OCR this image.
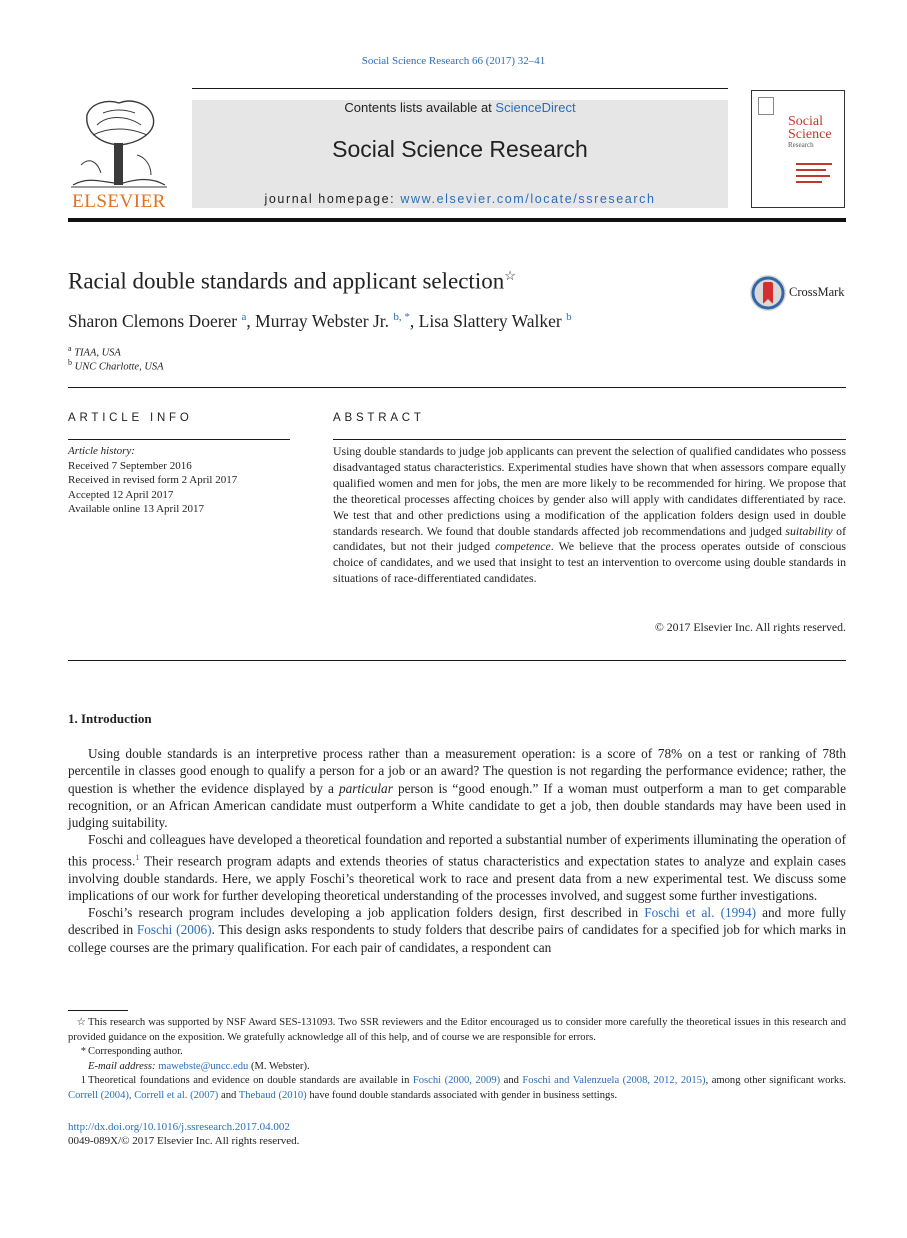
Social Science Research 66 (2017) 32–41
ELSEVIER
Contents lists available at ScienceDirect
Social Science Research
journal homepage: www.elsevier.com/locate/ssresearch
Social
Science
Research
Racial double standards and applicant selection☆
CrossMark
Sharon Clemons Doerer $^a$, Murray Webster Jr. $^{b, *}$, Lisa Slattery Walker $^b$
$^a$ TIAA, USA
$^b$ UNC Charlotte, USA
ARTICLE INFO
Article history:
Received 7 September 2016
Received in revised form 2 April 2017
Accepted 12 April 2017
Available online 13 April 2017
ABSTRACT
Using double standards to judge job applicants can prevent the selection of qualified candidates who possess disadvantaged status characteristics. Experimental studies have shown that when assessors compare equally qualified women and men for jobs, the men are more likely to be recommended for hiring. We propose that the theoretical processes affecting choices by gender also will apply with candidates differentiated by race. We test that and other predictions using a modification of the application folders design used in double standards research. We found that double standards affected job recommendations and judged suitability of candidates, but not their judged competence. We believe that the process operates outside of conscious choice of candidates, and we used that insight to test an intervention to overcome using double standards in situations of race-differentiated candidates.
© 2017 Elsevier Inc. All rights reserved.
1. Introduction

Using double standards is an interpretive process rather than a measurement operation: is a score of 78% on a test or ranking of 78th percentile in classes good enough to qualify a person for a job or an award? The question is not regarding the performance evidence; rather, the question is whether the evidence displayed by a particular person is “good enough.” If a woman must outperform a man to get comparable recognition, or an African American candidate must outperform a White candidate to get a job, then double standards may have been used in judging suitability.

Foschi and colleagues have developed a theoretical foundation and reported a substantial number of experiments illuminating the operation of this process.$^1$ Their research program adapts and extends theories of status characteristics and expectation states to analyze and explain cases involving double standards. Here, we apply Foschi’s theoretical work to race and present data from a new experimental test. We discuss some implications of our work for further developing theoretical understanding of the processes involved, and suggest some further investigations.

Foschi’s research program includes developing a job application folders design, first described in Foschi et al. (1994) and more fully described in Foschi (2006). This design asks respondents to study folders that describe pairs of candidates for a specified job for which marks in college courses are the primary qualification. For each pair of candidates, a respondent can

☆ This research was supported by NSF Award SES-131093. Two SSR reviewers and the Editor encouraged us to consider more carefully the theoretical issues in this research and provided guidance on the exposition. We gratefully acknowledge all of this help, and of course we are responsible for errors.
* Corresponding author.
E-mail address: mawebste@uncc.edu (M. Webster).
1 Theoretical foundations and evidence on double standards are available in Foschi (2000, 2009) and Foschi and Valenzuela (2008, 2012, 2015), among other significant works. Correll (2004), Correll et al. (2007) and Thebaud (2010) have found double standards associated with gender in business settings.
http://dx.doi.org/10.1016/j.ssresearch.2017.04.002
0049-089X/© 2017 Elsevier Inc. All rights reserved.
